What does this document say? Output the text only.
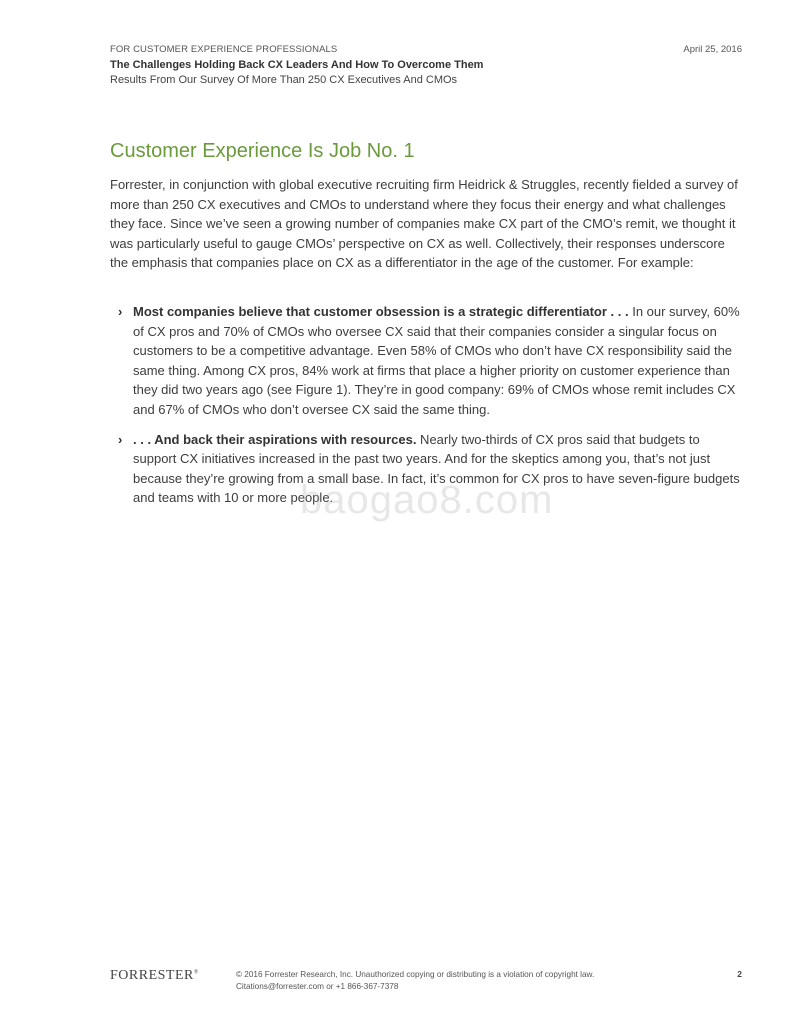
FOR CUSTOMER EXPERIENCE PROFESSIONALS
The Challenges Holding Back CX Leaders And How To Overcome Them
Results From Our Survey Of More Than 250 CX Executives And CMOs
April 25, 2016
Customer Experience Is Job No. 1

Forrester, in conjunction with global executive recruiting firm Heidrick & Struggles, recently fielded a survey of more than 250 CX executives and CMOs to understand where they focus their energy and what challenges they face. Since we’ve seen a growing number of companies make CX part of the CMO’s remit, we thought it was particularly useful to gauge CMOs’ perspective on CX as well. Collectively, their responses underscore the emphasis that companies place on CX as a differentiator in the age of the customer. For example:

› Most companies believe that customer obsession is a strategic differentiator . . . In our survey, 60% of CX pros and 70% of CMOs who oversee CX said that their companies consider a singular focus on customers to be a competitive advantage. Even 58% of CMOs who don’t have CX responsibility said the same thing. Among CX pros, 84% work at firms that place a higher priority on customer experience than they did two years ago (see Figure 1). They’re in good company: 69% of CMOs whose remit includes CX and 67% of CMOs who don’t oversee CX said the same thing.
› . . . And back their aspirations with resources. Nearly two-thirds of CX pros said that budgets to support CX initiatives increased in the past two years. And for the skeptics among you, that’s not just because they’re growing from a small base. In fact, it’s common for CX pros to have seven-figure budgets and teams with 10 or more people.
baogao8.com
FORRESTER®	© 2016 Forrester Research, Inc. Unauthorized copying or distributing is a violation of copyright law.
Citations@forrester.com or +1 866-367-7378
2
